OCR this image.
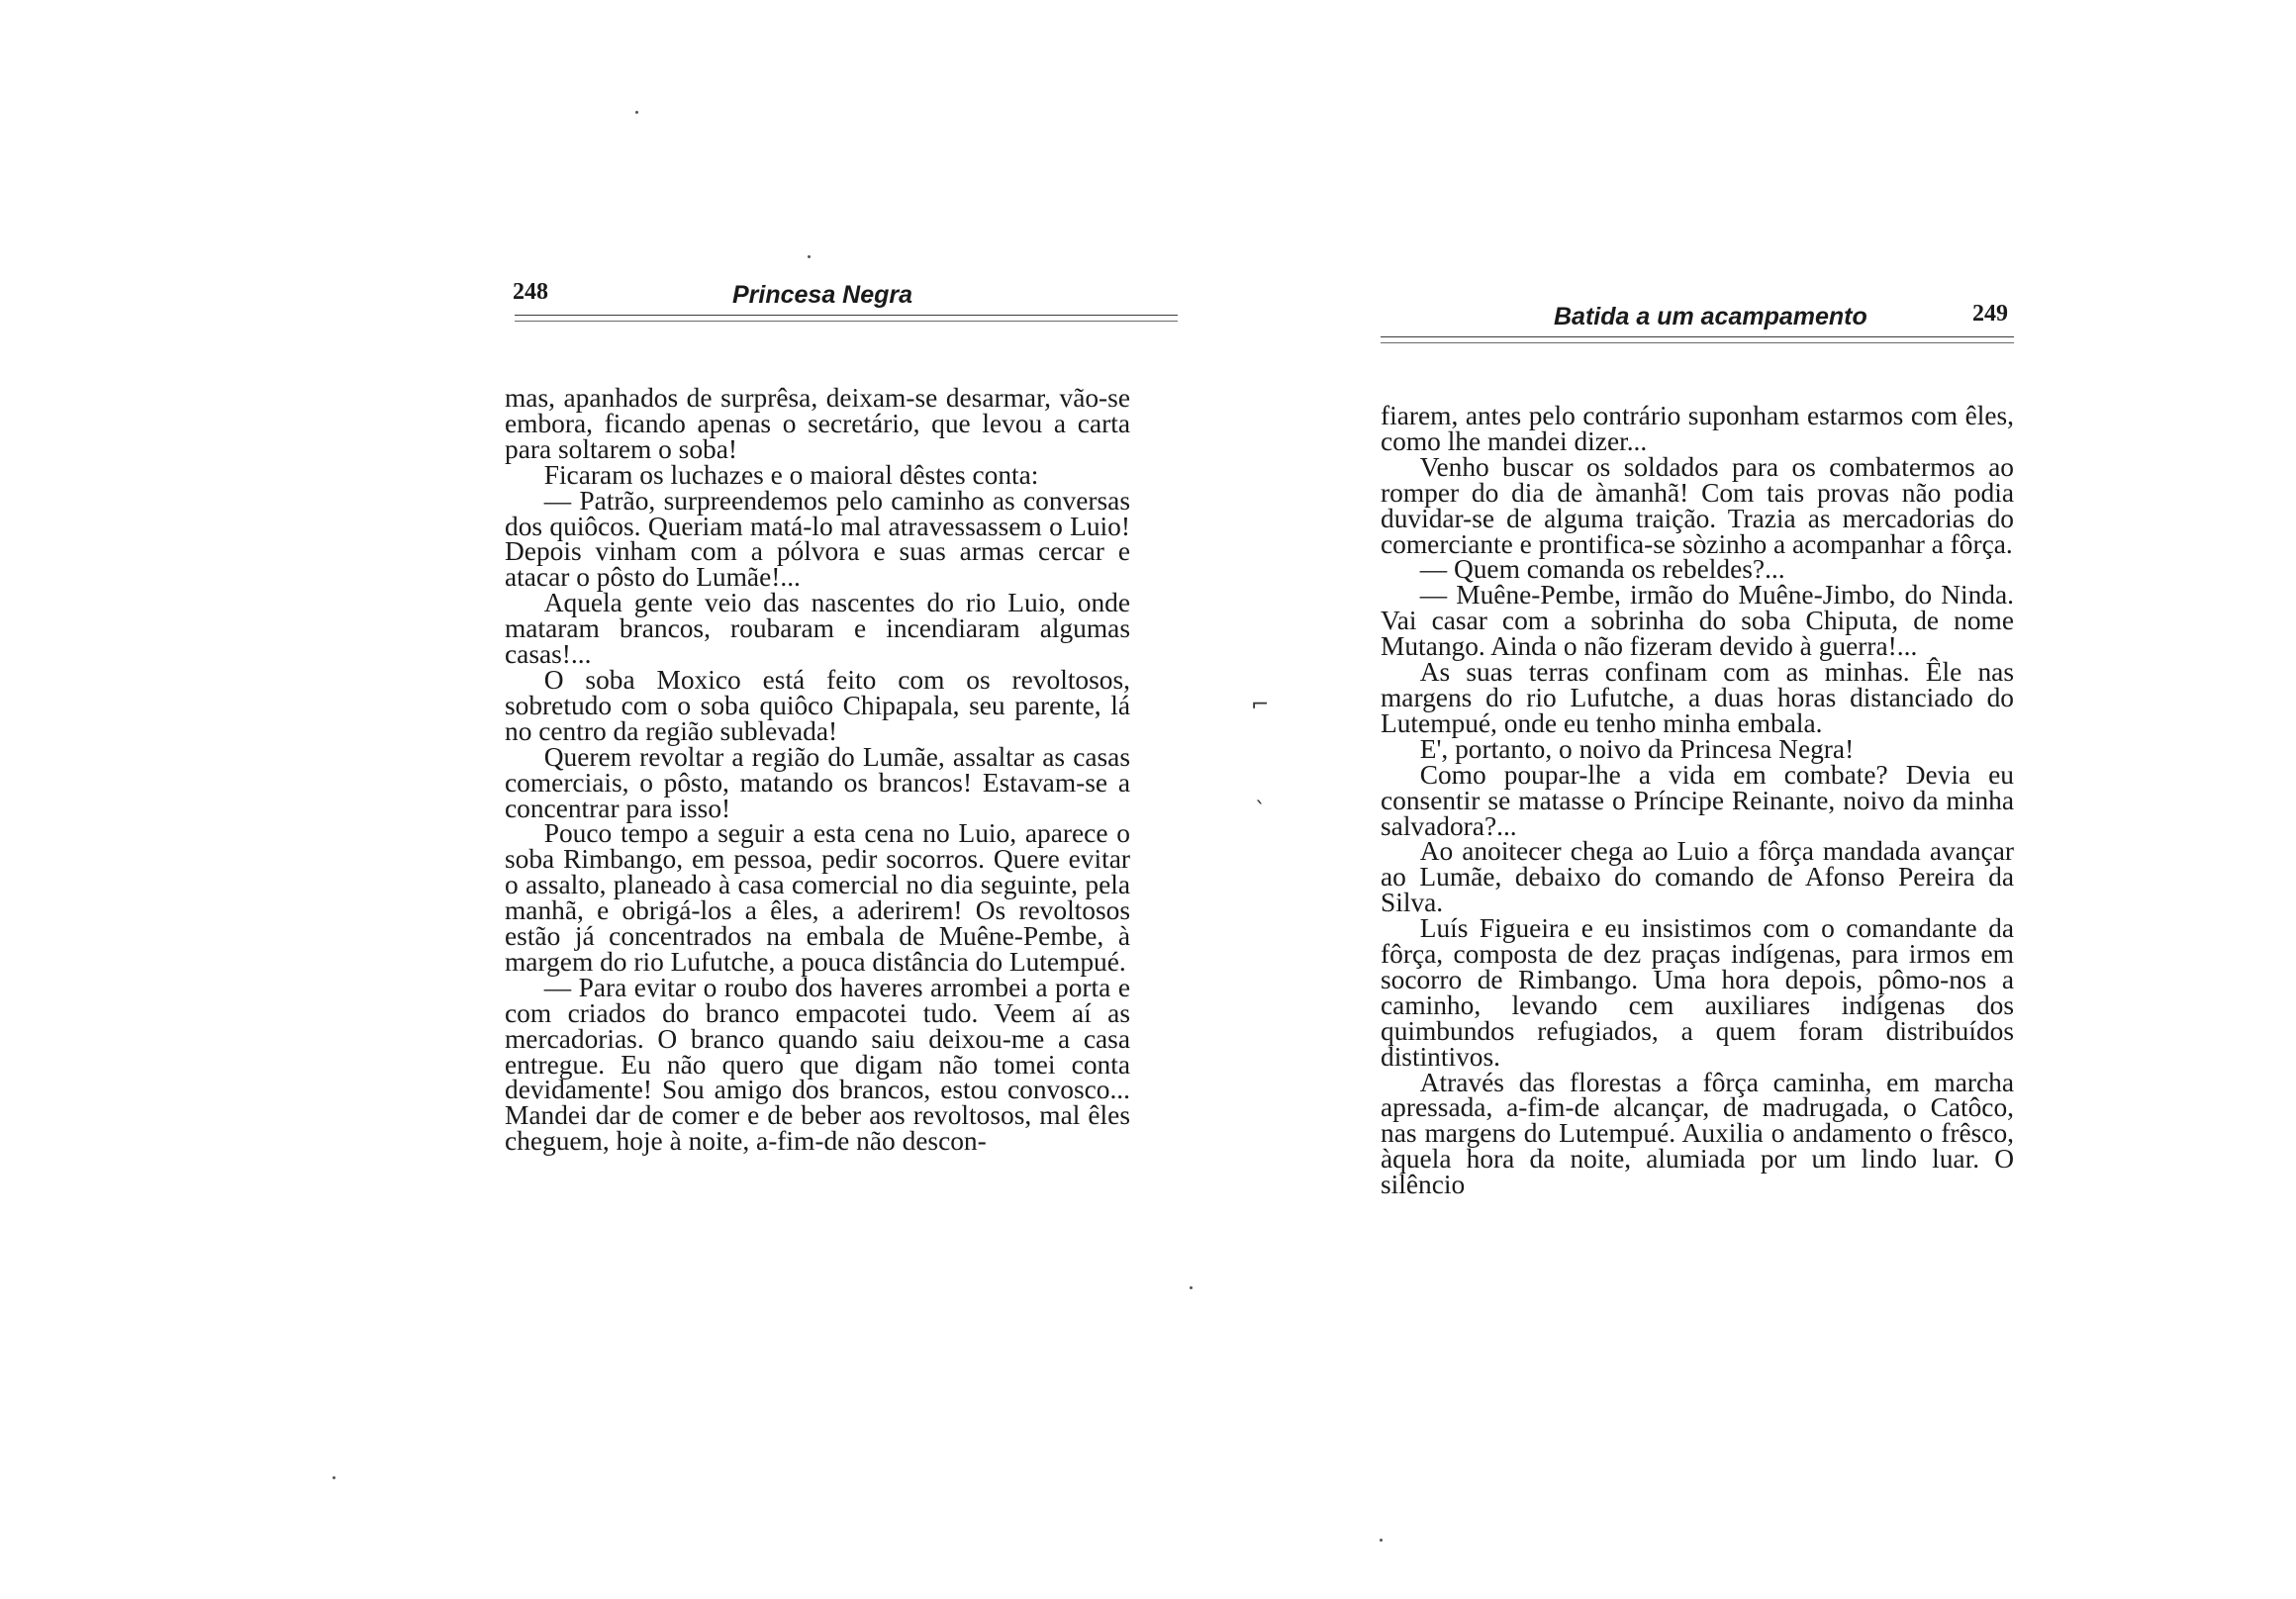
248	Princesa Negra

mas, apanhados de surprêsa, deixam-se desarmar, vão-se embora, ficando apenas o secretário, que levou a carta para soltarem o soba!

Ficaram os luchazes e o maioral dêstes conta:

— Patrão, surpreendemos pelo caminho as conversas dos quiôcos. Queriam matá-lo mal atravessassem o Luio! Depois vinham com a pólvora e suas armas cercar e atacar o pôsto do Lumãe!...

Aquela gente veio das nascentes do rio Luio, onde mataram brancos, roubaram e incendiaram algumas casas!...

O soba Moxico está feito com os revoltosos, sobretudo com o soba quiôco Chipapala, seu parente, lá no centro da região sublevada!

Querem revoltar a região do Lumãe, assaltar as casas comerciais, o pôsto, matando os brancos! Estavam-se a concentrar para isso!

Pouco tempo a seguir a esta cena no Luio, aparece o soba Rimbango, em pessoa, pedir socorros. Quere evitar o assalto, planeado à casa comercial no dia seguinte, pela manhã, e obrigá-los a êles, a aderirem! Os revoltosos estão já concentrados na embala de Muêne-Pembe, à margem do rio Lufutche, a pouca distância do Lutempué.

— Para evitar o roubo dos haveres arrombei a porta e com criados do branco empacotei tudo. Veem aí as mercadorias. O branco quando saiu deixou-me a casa entregue. Eu não quero que digam não tomei conta devidamente! Sou amigo dos brancos, estou convosco... Mandei dar de comer e de beber aos revoltosos, mal êles cheguem, hoje à noite, a-fim-de não descon-

Batida a um acampamento	249

fiarem, antes pelo contrário suponham estarmos com êles, como lhe mandei dizer...

Venho buscar os soldados para os combatermos ao romper do dia de àmanhã! Com tais provas não podia duvidar-se de alguma traição. Trazia as mercadorias do comerciante e prontifica-se sòzinho a acompanhar a fôrça.

— Quem comanda os rebeldes?...

— Muêne-Pembe, irmão do Muêne-Jimbo, do Ninda. Vai casar com a sobrinha do soba Chiputa, de nome Mutango. Ainda o não fizeram devido à guerra!...

As suas terras confinam com as minhas. Êle nas margens do rio Lufutche, a duas horas distanciado do Lutempué, onde eu tenho minha embala.

E', portanto, o noivo da Princesa Negra!

Como poupar-lhe a vida em combate? Devia eu consentir se matasse o Príncipe Reinante, noivo da minha salvadora?...

Ao anoitecer chega ao Luio a fôrça mandada avançar ao Lumãe, debaixo do comando de Afonso Pereira da Silva.

Luís Figueira e eu insistimos com o comandante da fôrça, composta de dez praças indígenas, para irmos em socorro de Rimbango. Uma hora depois, pômo-nos a caminho, levando cem auxiliares indígenas dos quimbundos refugiados, a quem foram distribuídos distintivos.

Através das florestas a fôrça caminha, em marcha apressada, a-fim-de alcançar, de madrugada, o Catôco, nas margens do Lutempué. Auxilia o andamento o frêsco, àquela hora da noite, alumiada por um lindo luar. O silêncio

⌐
ˎ
